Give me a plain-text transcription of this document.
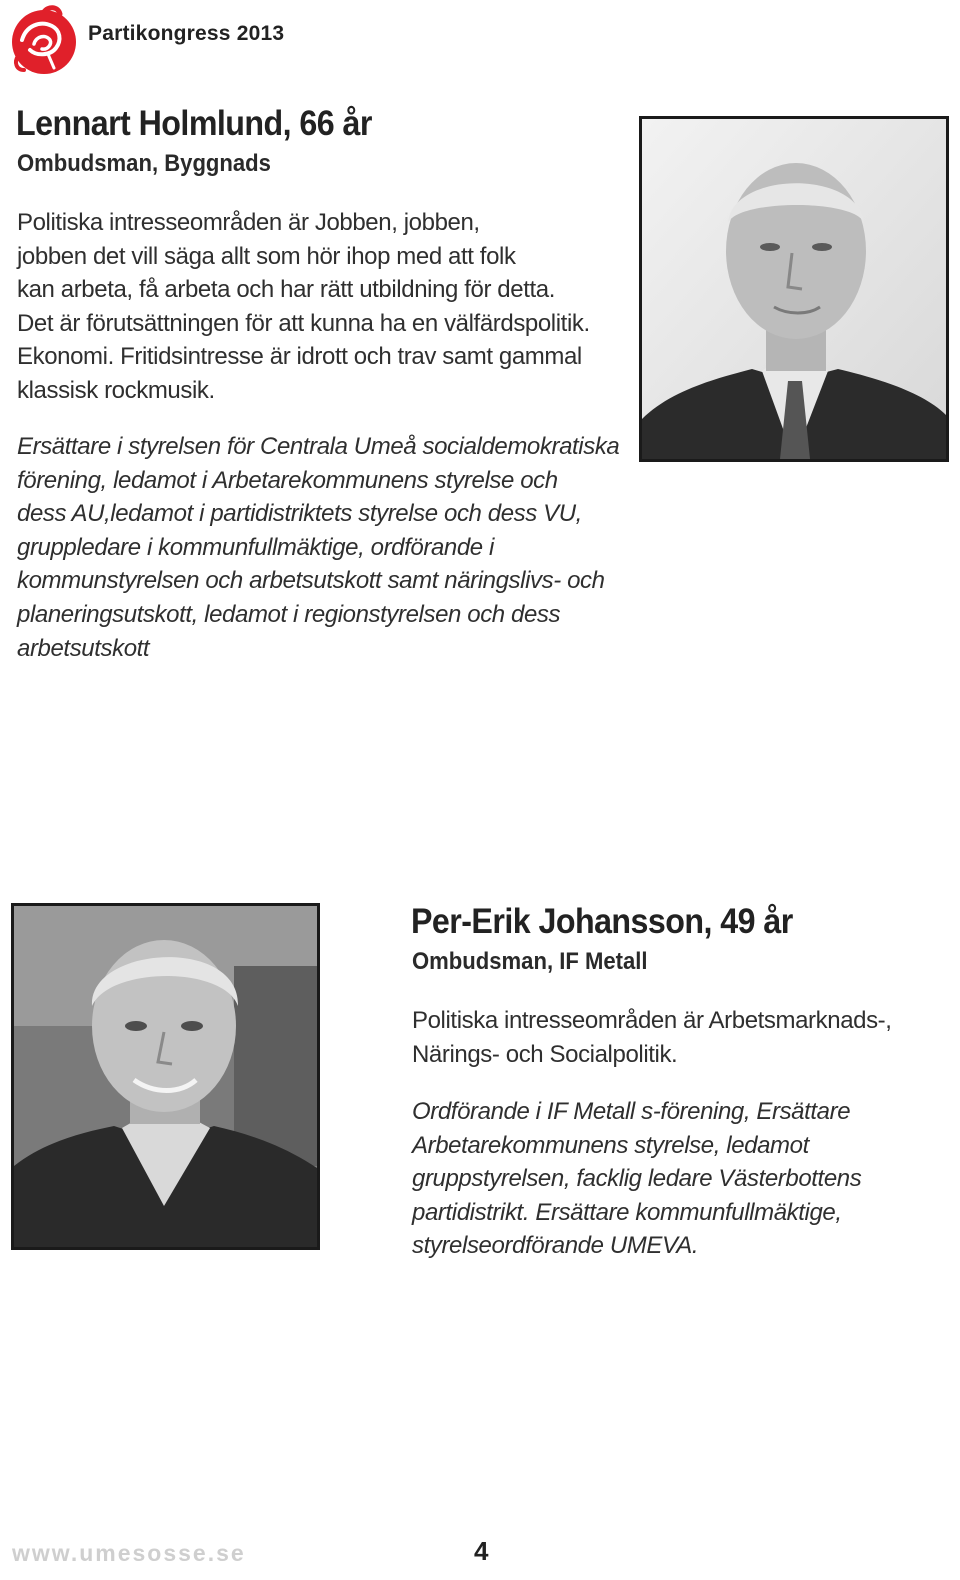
Partikongress 2013
Lennart Holmlund, 66 år
Ombudsman, Byggnads
Politiska intresseområden är Jobben, jobben,
jobben det vill säga allt som hör ihop med att folk
kan arbeta, få arbeta och har rätt utbildning för detta.
Det är förutsättningen för att kunna ha en välfärdspolitik.
Ekonomi. Fritidsintresse är idrott och trav samt gammal
klassisk rockmusik.
Ersättare i styrelsen för Centrala Umeå socialdemokratiska
förening, ledamot i Arbetarekommunens styrelse och
dess AU,ledamot i partidistriktets styrelse och dess VU,
gruppledare i kommunfullmäktige, ordförande i
kommunstyrelsen och arbetsutskott samt näringslivs- och
planeringsutskott, ledamot i regionstyrelsen och dess
arbetsutskott
Per-Erik Johansson, 49 år
Ombudsman, IF Metall
Politiska intresseområden är Arbetsmarknads-,
Närings- och Socialpolitik.
Ordförande i IF Metall s-förening, Ersättare
Arbetarekommunens styrelse, ledamot
gruppstyrelsen, facklig ledare Västerbottens
partidistrikt. Ersättare kommunfullmäktige,
styrelseordförande UMEVA.
www.umesosse.se	4
